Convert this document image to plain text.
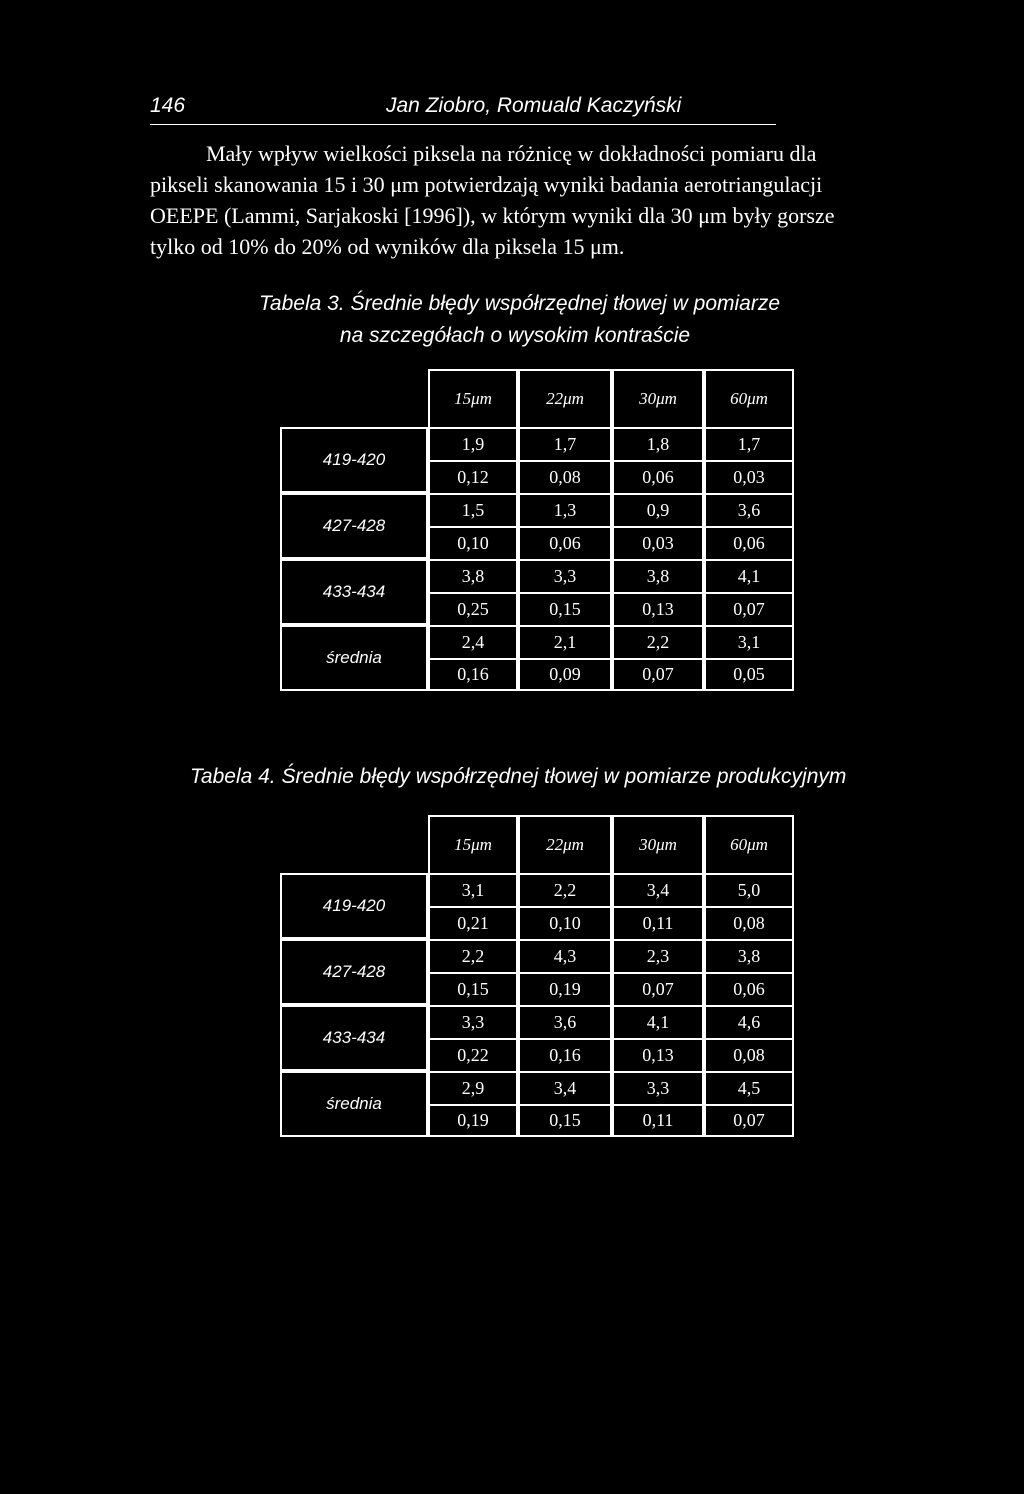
146	Jan Ziobro, Romuald Kaczyński
Mały wpływ wielkości piksela na różnicę w dokładności pomiaru dla
pikseli skanowania 15 i 30 μm potwierdzają wyniki badania aerotriangulacji
OEEPE (Lammi, Sarjakoski [1996]), w którym wyniki dla 30 μm były gorsze
tylko od 10% do 20% od wyników dla piksela 15 μm.
Tabela 3. Średnie błędy współrzędnej tłowej w pomiarze
na szczegółach o wysokim kontraście
15μm	22μm	30μm	60μm
419-420
1,9	1,7	1,8	1,7
0,12	0,08	0,06	0,03
427-428
1,5	1,3	0,9	3,6
0,10	0,06	0,03	0,06
433-434
3,8	3,3	3,8	4,1
0,25	0,15	0,13	0,07
średnia
2,4	2,1	2,2	3,1
0,16	0,09	0,07	0,05
Tabela 4. Średnie błędy współrzędnej tłowej w pomiarze produkcyjnym
15μm	22μm	30μm	60μm
419-420
3,1	2,2	3,4	5,0
0,21	0,10	0,11	0,08
427-428
2,2	4,3	2,3	3,8
0,15	0,19	0,07	0,06
433-434
3,3	3,6	4,1	4,6
0,22	0,16	0,13	0,08
średnia
2,9	3,4	3,3	4,5
0,19	0,15	0,11	0,07
